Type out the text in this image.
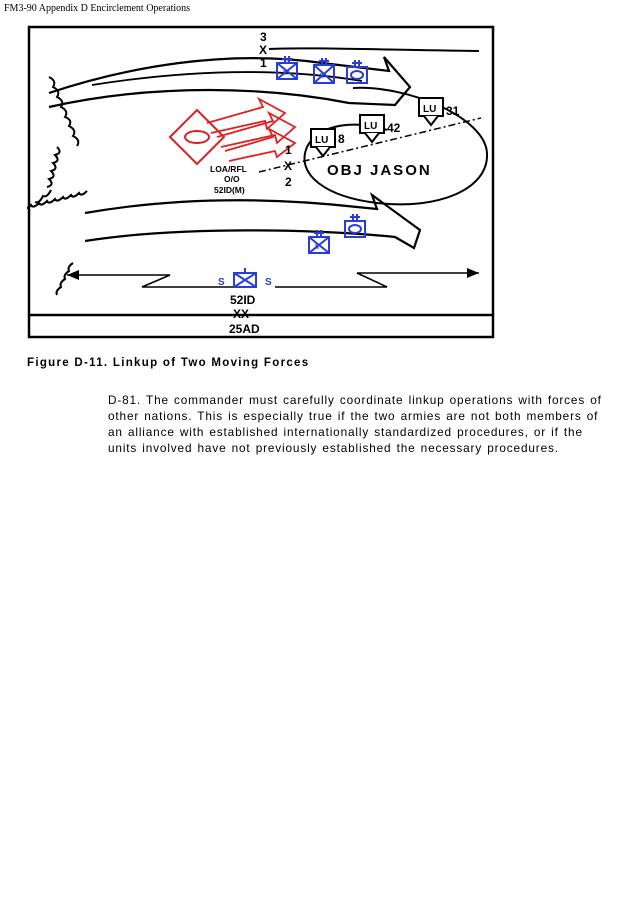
FM3-90 Appendix D Encirclement Operations
3
X
1
1
X
2
LOA/RFL
O/O
52ID(M)
OBJ JASON
LU 31
LU 42
LU 8
II	II
II
S	S
52ID
XX
25AD
Figure D-11. Linkup of Two Moving Forces

D-81. The commander must carefully coordinate linkup operations with forces of other nations. This is especially true if the two armies are not both members of an alliance with established internationally standardized procedures, or if the units involved have not previously established the necessary procedures.
